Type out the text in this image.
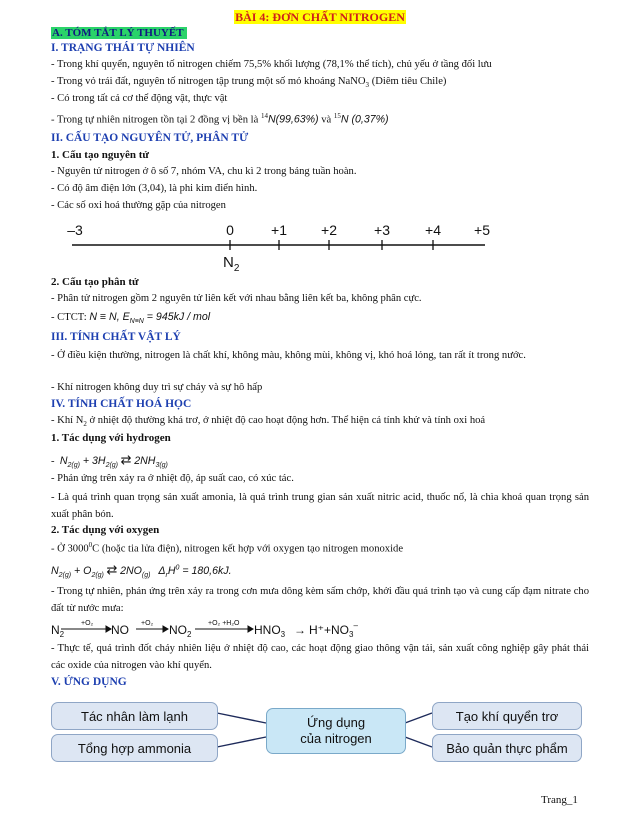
BÀI 4: ĐƠN CHẤT NITROGEN
A. TÓM TẮT LÝ THUYẾT
I. TRẠNG THÁI TỰ NHIÊN
- Trong khí quyển, nguyên tố nitrogen chiếm 75,5% khối lượng (78,1% thể tích), chủ yếu ở tầng đối lưu
- Trong vỏ trái đất, nguyên tố nitrogen tập trung một số mỏ khoáng NaNO$_3$ (Diêm tiêu Chile)
- Có trong tất cả cơ thể động vật, thực vật
- Trong tự nhiên nitrogen tồn tại 2 đồng vị bền là $^{14}$N(99,63%) và $^{15}$N (0,37%)
II. CẤU TẠO NGUYÊN TỬ, PHÂN TỬ
1. Cấu tạo nguyên tử
- Nguyên tử nitrogen ở ô số 7, nhóm VA, chu kì 2 trong bảng tuần hoàn.
- Có độ âm điện lớn (3,04), là phi kim điển hình.
- Các số oxi hoá thường gặp của nitrogen
–3	0	+1 +2	+3	+4 +5
$N_2$
2. Cấu tạo phân tử
- Phân tử nitrogen gồm 2 nguyên tử liên kết với nhau bằng liên kết ba, không phân cực.
- CTCT: N ≡ N, $E_{N\equiv N} = 945kJ$ / mol
III. TÍNH CHẤT VẬT LÝ
- Ở điều kiện thường, nitrogen là chất khí, không màu, không mùi, không vị, khó hoá lỏng, tan rất ít trong nước.
- Khí nitrogen không duy trì sự cháy và sự hô hấp
IV. TÍNH CHẤT HOÁ HỌC
- Khí $N_2$ ở nhiệt độ thường khá trơ, ở nhiệt độ cao hoạt động hơn. Thể hiện cả tính khử và tính oxi hoá
1. Tác dụng với hydrogen
- $N_{2(g)} + 3H_{2(g)}$ ⇄ $2NH_{3(g)}$
- Phản ứng trên xảy ra ở nhiệt độ, áp suất cao, có xúc tác.
- Là quá trình quan trọng sản xuất amonia, là quá trình trung gian sản xuất nitric acid, thuốc nổ, là chìa khoá quan trọng sản xuất phân bón.
2. Tác dụng với oxygen
- Ở 3000$^0$C (hoặc tia lửa điện), nitrogen kết hợp với oxygen tạo nitrogen monoxide
$N_{2(g)} + O_{2(g)}$ ⇄ $2NO_{(g)}$ $\Delta_rH^0 = 180,6kJ$.
- Trong tự nhiên, phản ứng trên xảy ra trong cơn mưa dông kèm sấm chớp, khởi đầu quá trình tạo và cung cấp đạm nitrate cho đất từ nước mưa:
$N_2$
+O₂ NO +O₂ $NO_2$
+O₂ +H₂O $HNO_3 \to H^++NO_3^-$
- Thực tế, quá trình đốt cháy nhiên liệu ở nhiệt độ cao, các hoạt động giao thông vận tải, sản xuất công nghiệp gây phát thải các oxide của nitrogen vào khí quyển.
V. ỨNG DỤNG
Tác nhân làm lạnh
Tổng hợp ammonia
Ứng dụng
của nitrogen
Tạo khí quyển trơ
Bảo quản thực phẩm
Trang_1
